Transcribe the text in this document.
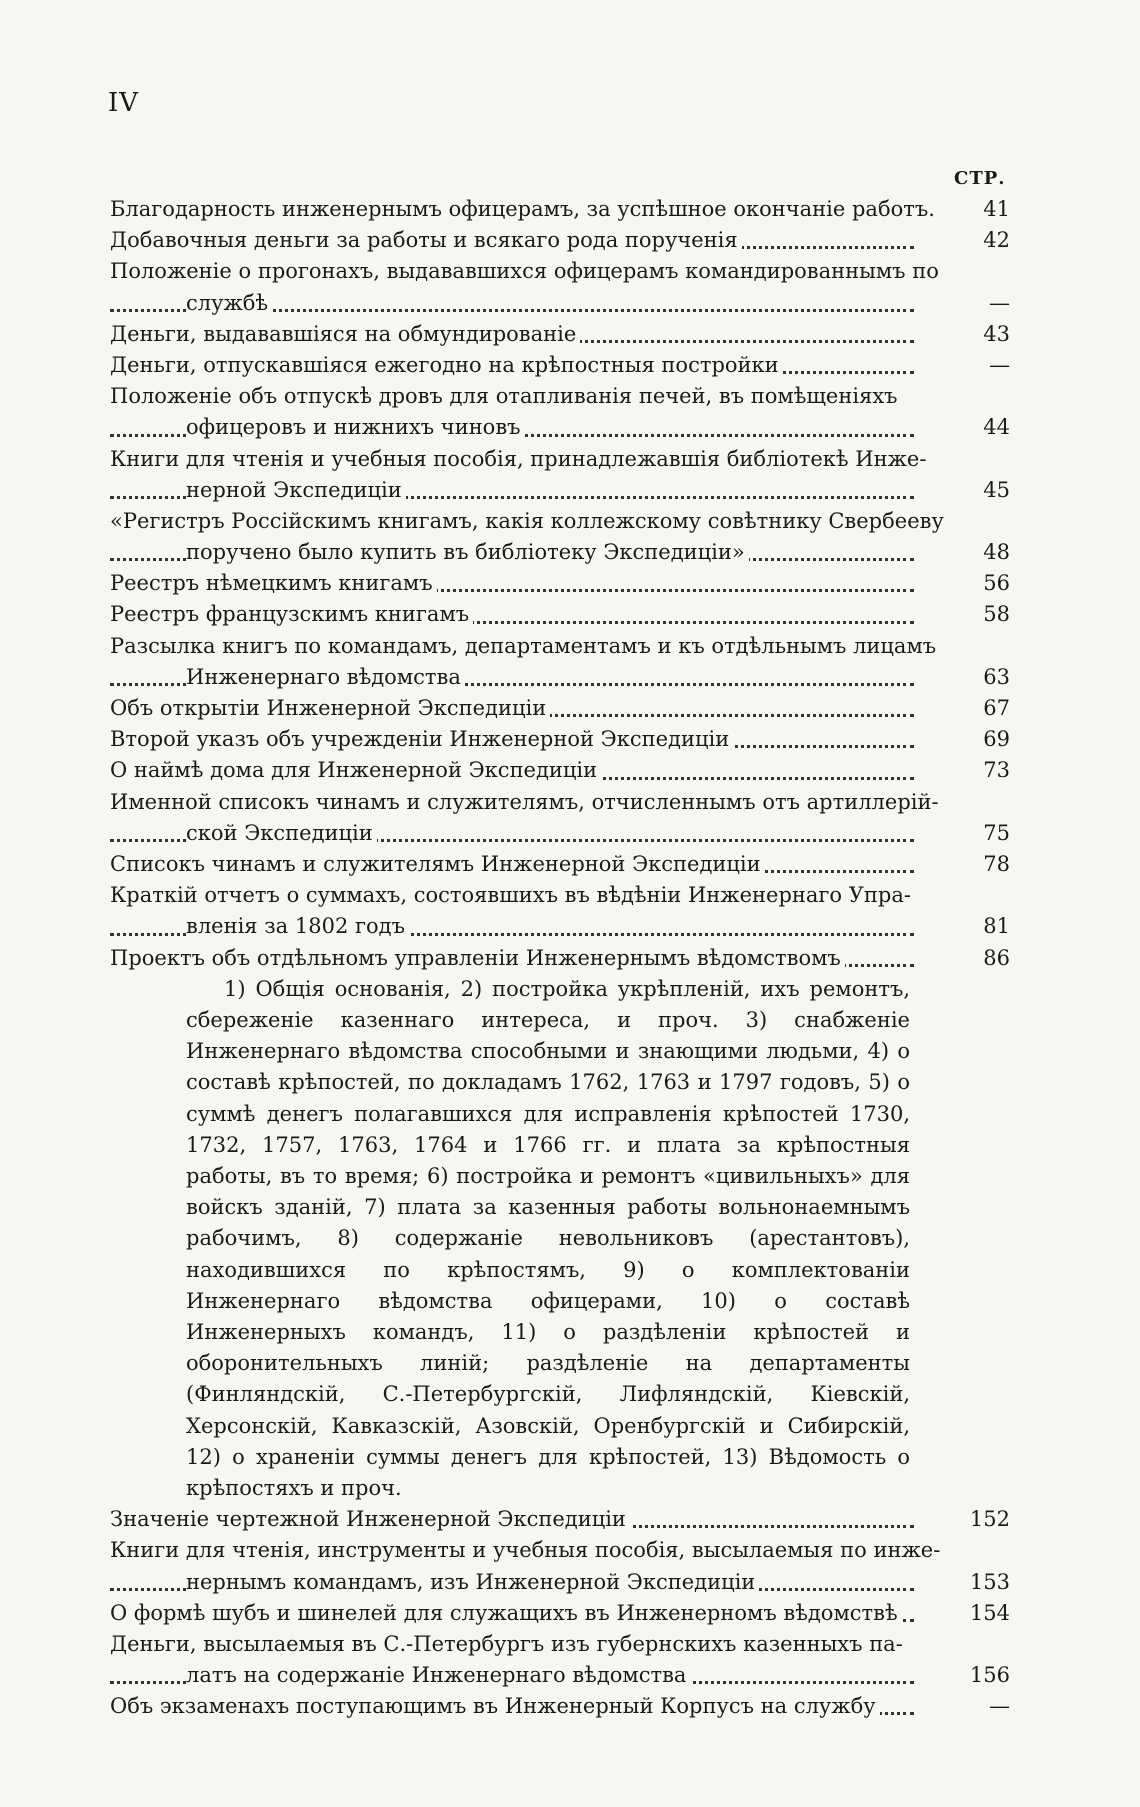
IV
СТР.
Благодарность инженернымъ офицерамъ, за успѣшное окончаніе работъ.	41
Добавочныя деньги за работы и всякаго рода порученія	42
Положеніе о прогонахъ, выдававшихся офицерамъ командированнымъ по
службѣ	—
Деньги, выдававшіяся на обмундированіе	43
Деньги, отпускавшіяся ежегодно на крѣпостныя постройки	—
Положеніе объ отпускѣ дровъ для отапливанія печей, въ помѣщеніяхъ
офицеровъ и нижнихъ чиновъ	44
Книги для чтенія и учебныя пособія, принадлежавшія библіотекѣ Инже-
нерной Экспедиціи	45
«Регистръ Россійскимъ книгамъ, какія коллежскому совѣтнику Свербееву
поручено было купить въ библіотеку Экспедиціи»	48
Реестръ нѣмецкимъ книгамъ	56
Реестръ французскимъ книгамъ	58
Разсылка книгъ по командамъ, департаментамъ и къ отдѣльнымъ лицамъ
Инженернаго вѣдомства	63
Объ открытіи Инженерной Экспедиціи	67
Второй указъ объ учрежденіи Инженерной Экспедиціи	69
О наймѣ дома для Инженерной Экспедиціи	73
Именной списокъ чинамъ и служителямъ, отчисленнымъ отъ артиллерій-
ской Экспедиціи	75
Списокъ чинамъ и служителямъ Инженерной Экспедиціи	78
Краткій отчетъ о суммахъ, состоявшихъ въ вѣдѣніи Инженернаго Упра-
вленія за 1802 годъ	81
Проектъ объ отдѣльномъ управленіи Инженернымъ вѣдомствомъ	86

1) Общія основанія, 2) постройка укрѣпленій, ихъ ремонтъ, сбереженіе казеннаго интереса, и проч. 3) снабженіе Инженернаго вѣдомства способными и знающими людьми, 4) о составѣ крѣпостей, по докладамъ 1762, 1763 и 1797 годовъ, 5) о суммѣ денегъ полагавшихся для исправленія крѣпостей 1730, 1732, 1757, 1763, 1764 и 1766 гг. и плата за крѣпостныя работы, въ то время; 6) постройка и ремонтъ «цивильныхъ» для войскъ зданій, 7) плата за казенныя работы вольнонаемнымъ рабочимъ, 8) содержаніе невольниковъ (арестантовъ), находившихся по крѣпостямъ, 9) о комплектованіи Инженернаго вѣдомства офицерами, 10) о составѣ Инженерныхъ командъ, 11) о раздѣленіи крѣпостей и оборонительныхъ линій; раздѣленіе на департаменты (Финляндскій, С.-Петербургскій, Лифляндскій, Кіевскій, Херсонскій, Кавказскій, Азовскій, Оренбургскій и Сибирскій, 12) о храненіи суммы денегъ для крѣпостей, 13) Вѣдомость о крѣпостяхъ и проч.

Значеніе чертежной Инженерной Экспедиціи	152
Книги для чтенія, инструменты и учебныя пособія, высылаемыя по инже-
нернымъ командамъ, изъ Инженерной Экспедиціи	153
О формѣ шубъ и шинелей для служащихъ въ Инженерномъ вѣдомствѣ	154
Деньги, высылаемыя въ С.-Петербургъ изъ губернскихъ казенныхъ па-
латъ на содержаніе Инженернаго вѣдомства	156
Объ экзаменахъ поступающимъ въ Инженерный Корпусъ на службу	—
